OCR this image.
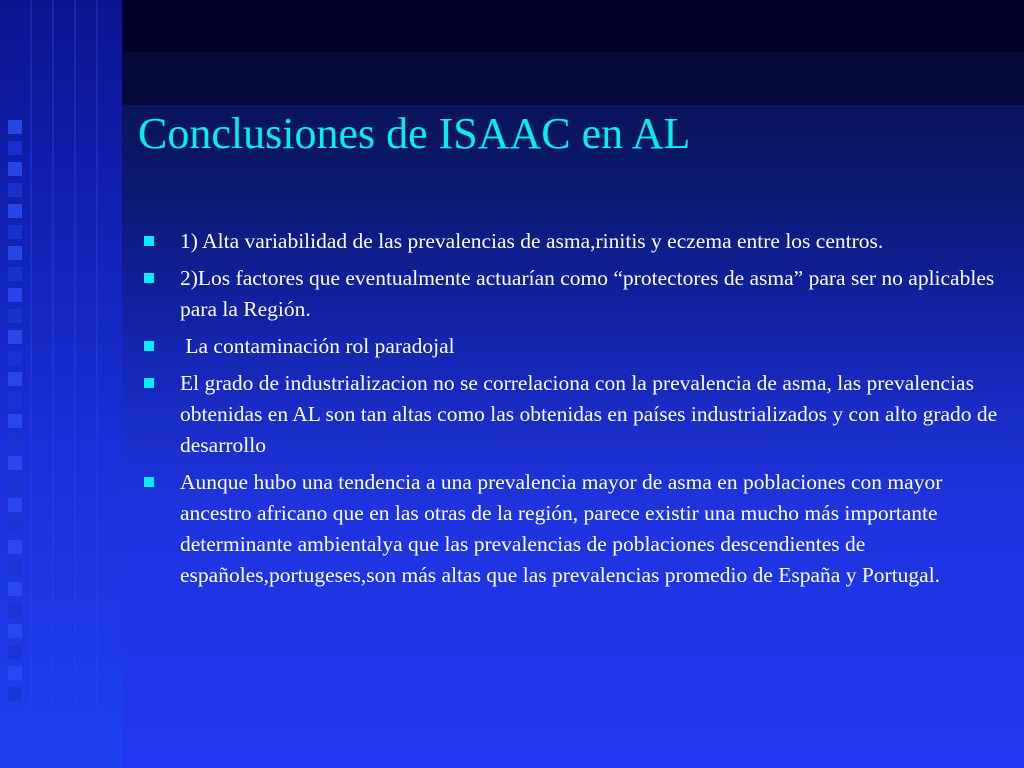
Conclusiones de ISAAC en AL
1) Alta variabilidad de las prevalencias de asma,rinitis y eczema entre los centros.
2)Los factores que eventualmente actuarían como “protectores de asma” para ser no aplicables para la Región.
La contaminación rol paradojal
El grado de industrializacion no se correlaciona con la prevalencia de asma, las prevalencias obtenidas en AL son tan altas como las obtenidas en países industrializados y con alto grado de desarrollo
Aunque hubo una tendencia a una prevalencia mayor de asma en poblaciones con mayor ancestro africano que en las otras de la región, parece existir una mucho más importante determinante ambientalya que las prevalencias de poblaciones descendientes de españoles,portugeses,son más altas que las prevalencias promedio de España y Portugal.
